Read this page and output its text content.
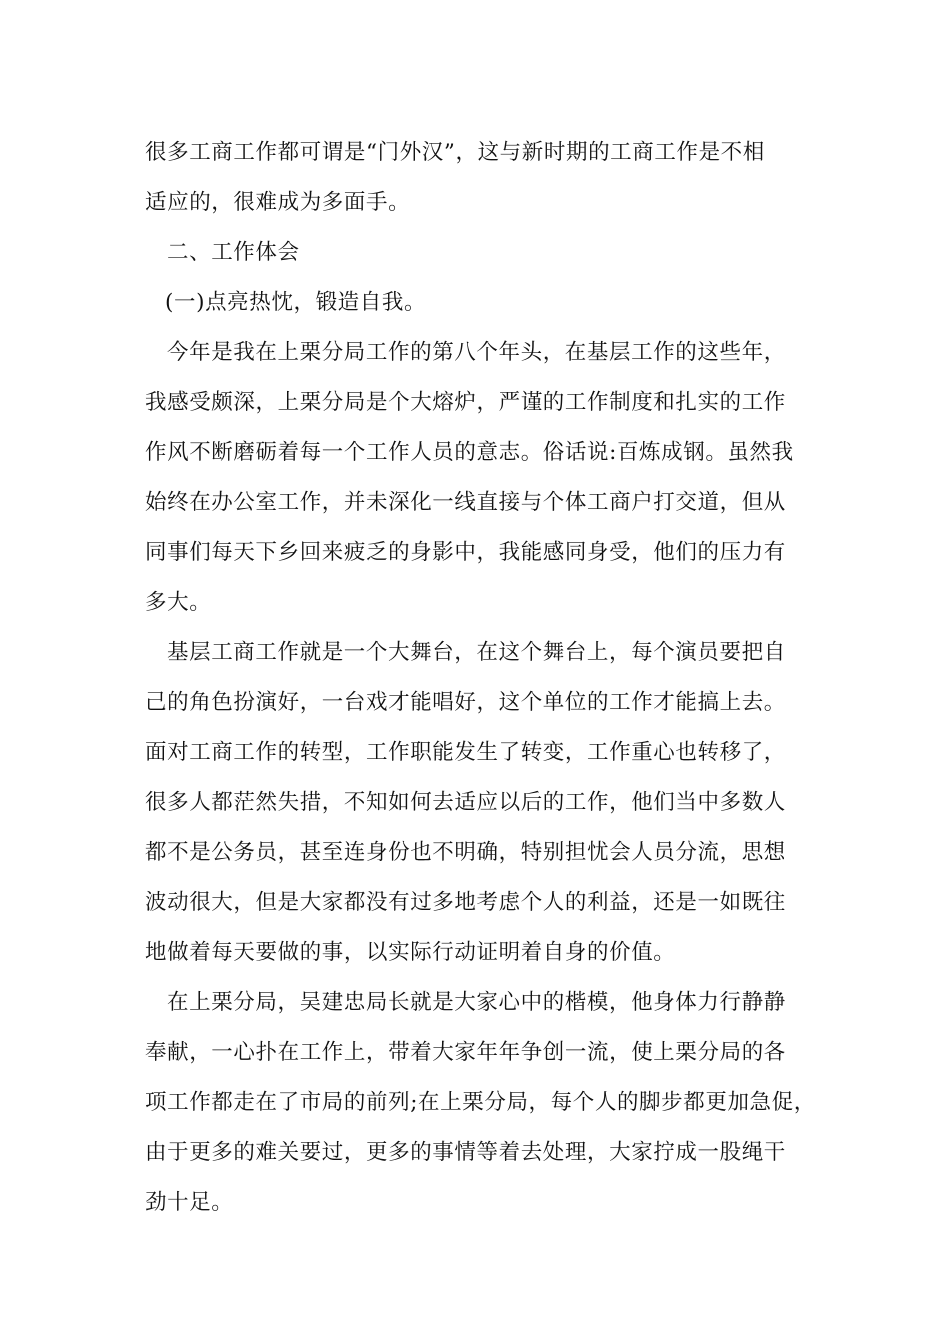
很多工商工作都可谓是“门外汉”，这与新时期的工商工作是不相
适应的，很难成为多面手。
二、工作体会
(一)点亮热忱，锻造自我。
今年是我在上栗分局工作的第八个年头，在基层工作的这些年，
我感受颇深，上栗分局是个大熔炉，严谨的工作制度和扎实的工作
作风不断磨砺着每一个工作人员的意志。俗话说:百炼成钢。虽然我
始终在办公室工作，并未深化一线直接与个体工商户打交道，但从
同事们每天下乡回来疲乏的身影中，我能感同身受，他们的压力有
多大。
基层工商工作就是一个大舞台，在这个舞台上，每个演员要把自
己的角色扮演好，一台戏才能唱好，这个单位的工作才能搞上去。
面对工商工作的转型，工作职能发生了转变，工作重心也转移了，
很多人都茫然失措，不知如何去适应以后的工作，他们当中多数人
都不是公务员，甚至连身份也不明确，特别担忧会人员分流，思想
波动很大，但是大家都没有过多地考虑个人的利益，还是一如既往
地做着每天要做的事，以实际行动证明着自身的价值。
在上栗分局，吴建忠局长就是大家心中的楷模，他身体力行静静
奉献，一心扑在工作上，带着大家年年争创一流，使上栗分局的各
项工作都走在了市局的前列;在上栗分局，每个人的脚步都更加急促，
由于更多的难关要过，更多的事情等着去处理，大家拧成一股绳干
劲十足。
